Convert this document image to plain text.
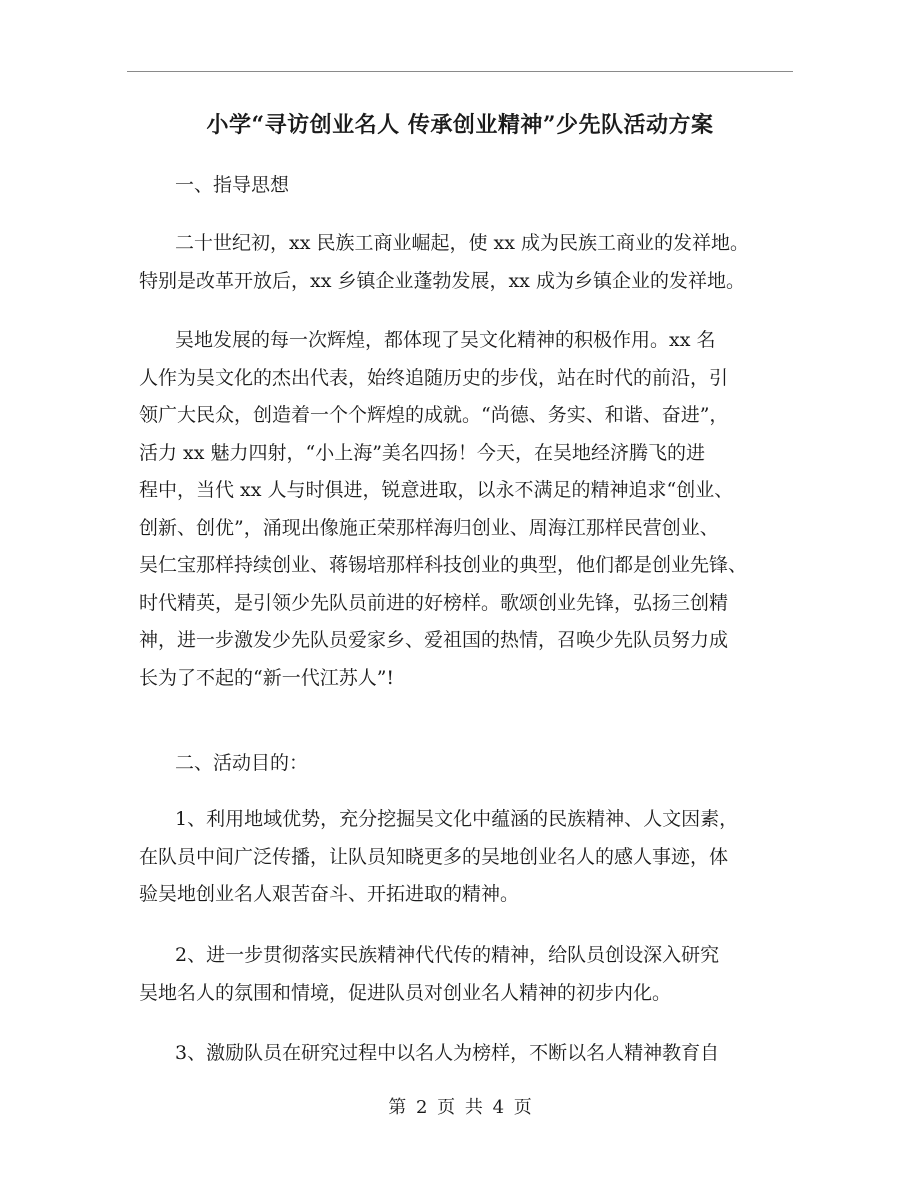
小学“寻访创业名人 传承创业精神”少先队活动方案
一、指导思想
二十世纪初，xx 民族工商业崛起，使 xx 成为民族工商业的发祥地。
特别是改革开放后，xx 乡镇企业蓬勃发展，xx 成为乡镇企业的发祥地。
吴地发展的每一次辉煌，都体现了吴文化精神的积极作用。xx 名
人作为吴文化的杰出代表，始终追随历史的步伐，站在时代的前沿，引
领广大民众，创造着一个个辉煌的成就。“尚德、务实、和谐、奋进”，
活力 xx 魅力四射，“小上海”美名四扬！今天，在吴地经济腾飞的进
程中，当代 xx 人与时俱进，锐意进取，以永不满足的精神追求“创业、
创新、创优”，涌现出像施正荣那样海归创业、周海江那样民营创业、
吴仁宝那样持续创业、蒋锡培那样科技创业的典型，他们都是创业先锋、
时代精英，是引领少先队员前进的好榜样。歌颂创业先锋，弘扬三创精
神，进一步激发少先队员爱家乡、爱祖国的热情，召唤少先队员努力成
长为了不起的“新一代江苏人”!
二、活动目的：
1、利用地域优势，充分挖掘吴文化中蕴涵的民族精神、人文因素，
在队员中间广泛传播，让队员知晓更多的吴地创业名人的感人事迹，体
验吴地创业名人艰苦奋斗、开拓进取的精神。
2、进一步贯彻落实民族精神代代传的精神，给队员创设深入研究
吴地名人的氛围和情境，促进队员对创业名人精神的初步内化。
3、激励队员在研究过程中以名人为榜样，不断以名人精神教育自
第 2 页 共 4 页
